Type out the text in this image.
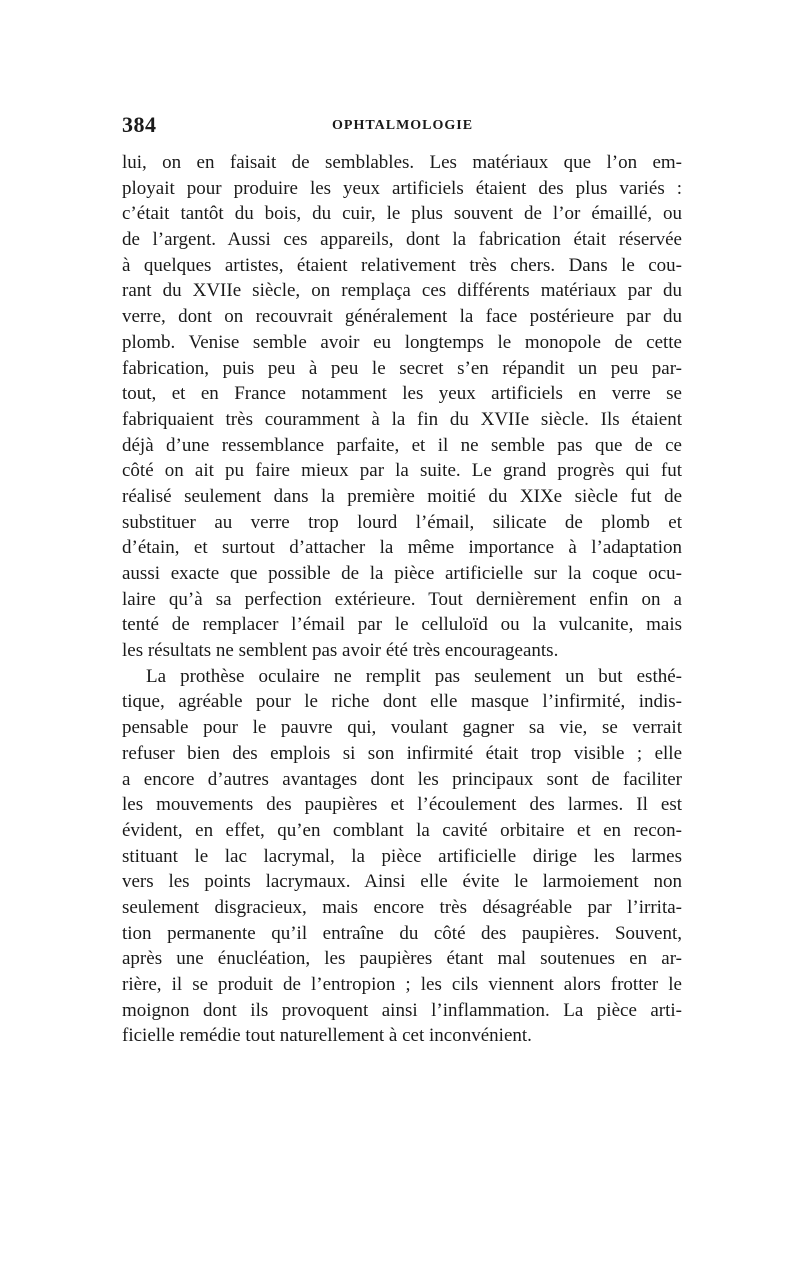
384	OPHTALMOLOGIE
lui, on en faisait de semblables. Les matériaux que l’on em-
ployait pour produire les yeux artificiels étaient des plus variés :
c’était tantôt du bois, du cuir, le plus souvent de l’or émaillé, ou
de l’argent. Aussi ces appareils, dont la fabrication était réservée
à quelques artistes, étaient relativement très chers. Dans le cou-
rant du XVIIe siècle, on remplaça ces différents matériaux par du
verre, dont on recouvrait généralement la face postérieure par du
plomb. Venise semble avoir eu longtemps le monopole de cette
fabrication, puis peu à peu le secret s’en répandit un peu par-
tout, et en France notamment les yeux artificiels en verre se
fabriquaient très couramment à la fin du XVIIe siècle. Ils étaient
déjà d’une ressemblance parfaite, et il ne semble pas que de ce
côté on ait pu faire mieux par la suite. Le grand progrès qui fut
réalisé seulement dans la première moitié du XIXe siècle fut de
substituer au verre trop lourd l’émail, silicate de plomb et
d’étain, et surtout d’attacher la même importance à l’adaptation
aussi exacte que possible de la pièce artificielle sur la coque ocu-
laire qu’à sa perfection extérieure. Tout dernièrement enfin on a
tenté de remplacer l’émail par le celluloïd ou la vulcanite, mais
les résultats ne semblent pas avoir été très encourageants.
La prothèse oculaire ne remplit pas seulement un but esthé-
tique, agréable pour le riche dont elle masque l’infirmité, indis-
pensable pour le pauvre qui, voulant gagner sa vie, se verrait
refuser bien des emplois si son infirmité était trop visible ; elle
a encore d’autres avantages dont les principaux sont de faciliter
les mouvements des paupières et l’écoulement des larmes. Il est
évident, en effet, qu’en comblant la cavité orbitaire et en recon-
stituant le lac lacrymal, la pièce artificielle dirige les larmes
vers les points lacrymaux. Ainsi elle évite le larmoiement non
seulement disgracieux, mais encore très désagréable par l’irrita-
tion permanente qu’il entraîne du côté des paupières. Souvent,
après une énucléation, les paupières étant mal soutenues en ar-
rière, il se produit de l’entropion ; les cils viennent alors frotter le
moignon dont ils provoquent ainsi l’inflammation. La pièce arti-
ficielle remédie tout naturellement à cet inconvénient.
